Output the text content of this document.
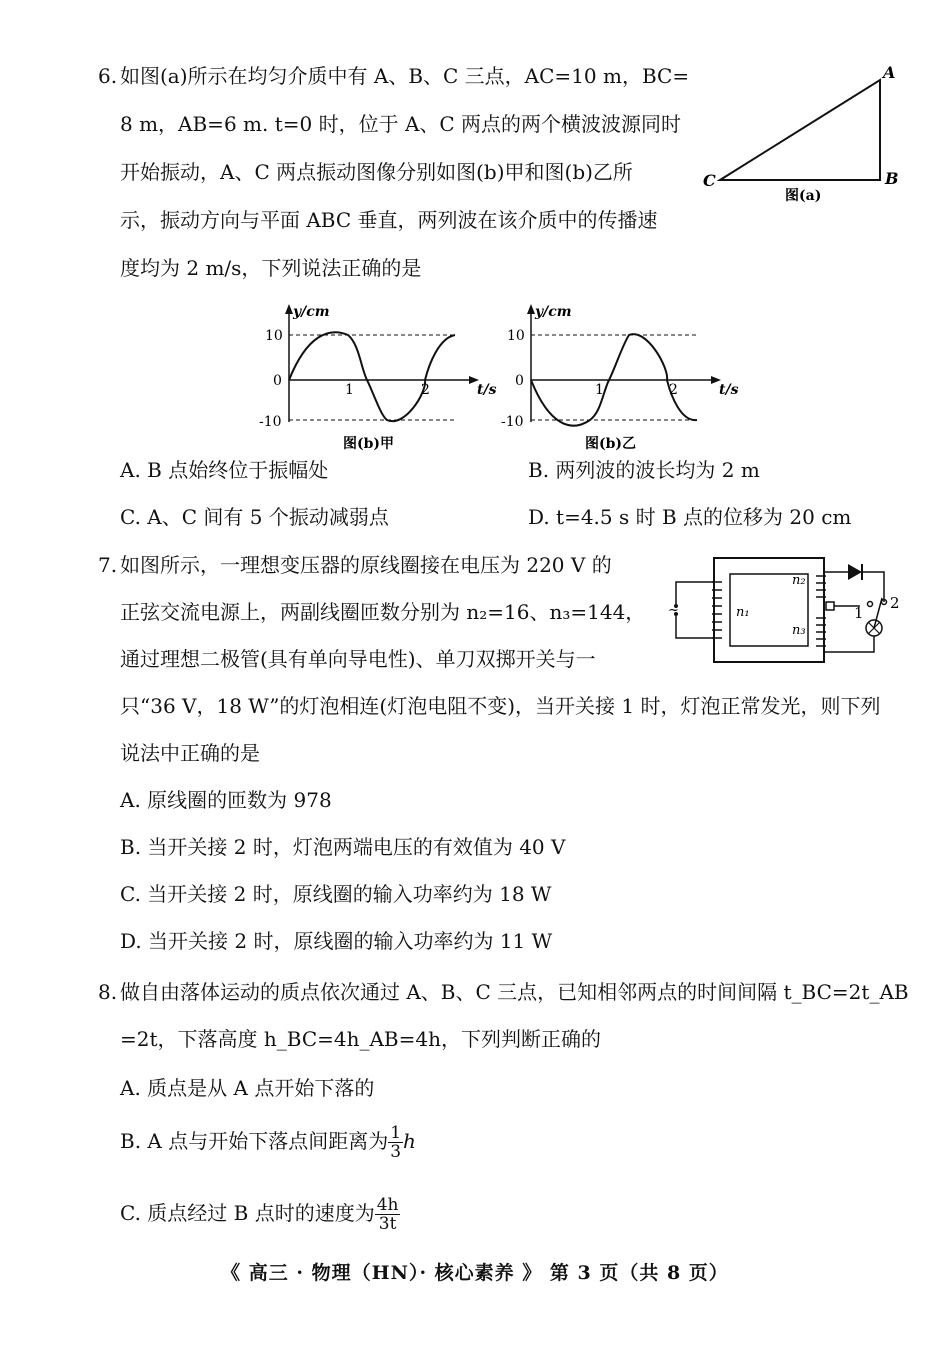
6. 如图(a)所示在均匀介质中有 A、B、C 三点，AC=10 m，BC=
8 m，AB=6 m. t=0 时，位于 A、C 两点的两个横波波源同时
开始振动，A、C 两点振动图像分别如图(b)甲和图(b)乙所
示，振动方向与平面 ABC 垂直，两列波在该介质中的传播速
度均为 2 m/s，下列说法正确的是
A
B
C
图(a)
y/cm
t/s
10
0
-10
1	2
图(b)甲
y/cm
t/s
10
0
-10
1	2
图(b)乙
A. B 点始终位于振幅处	B. 两列波的波长均为 2 m
C. A、C 间有 5 个振动减弱点	D. t=4.5 s 时 B 点的位移为 20 cm
7. 如图所示，一理想变压器的原线圈接在电压为 220 V 的
正弦交流电源上，两副线圈匝数分别为 n₂=16、n₃=144，
通过理想二极管(具有单向导电性)、单刀双掷开关与一
只“36 V，18 W”的灯泡相连(灯泡电阻不变)，当开关接 1 时，灯泡正常发光，则下列
说法中正确的是
~	n₁
n₂
n₃
1
2
A. 原线圈的匝数为 978
B. 当开关接 2 时，灯泡两端电压的有效值为 40 V
C. 当开关接 2 时，原线圈的输入功率约为 18 W
D. 当开关接 2 时，原线圈的输入功率约为 11 W
8. 做自由落体运动的质点依次通过 A、B、C 三点，已知相邻两点的时间间隔 t_BC=2t_AB
=2t，下落高度 h_BC=4h_AB=4h，下列判断正确的
A. 质点是从 A 点开始下落的
B. A 点与开始下落点间距离为 $\frac{1}{3}$ h
C. 质点经过 B 点时的速度为 $\frac{4h}{3t}$
《 高三 · 物理（HN）· 核心素养 》 第 3 页（共 8 页）
